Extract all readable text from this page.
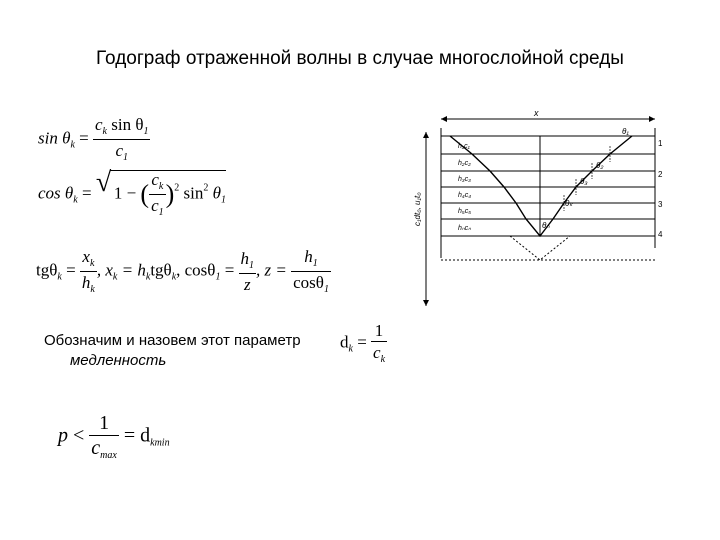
Годограф отраженной волны в случае многослойной среды
$\sin \theta_k = \frac{c_k \sin \theta_1}{c_1}$
$\cos \theta_k$ = √ 1 − ( $\frac{c_k}{c_1} )^2$ $\sin^2 \theta_1$
$tg\theta_k = \frac{x_k}{h_k}$ , $x_k = h_ktg\theta_k$, $\cos\theta_1 = \frac{h_1}{z}$ , $z = \frac{h_1}{\cos\theta_1}$
Обозначим и назовем этот параметр
медленность
$d_k = \frac{1}{c_k}$
$p < \frac{1}{c_{max}} = d_{kmin}$
x
c₁dt₀, u₁t₀
h₁c₁
h₂c₂
h₃c₃
h₄c₄
h₅c₅
hₙcₙ
θ₁
θ₂
θ₃
θₖ
θₙ
1
2
3
4
